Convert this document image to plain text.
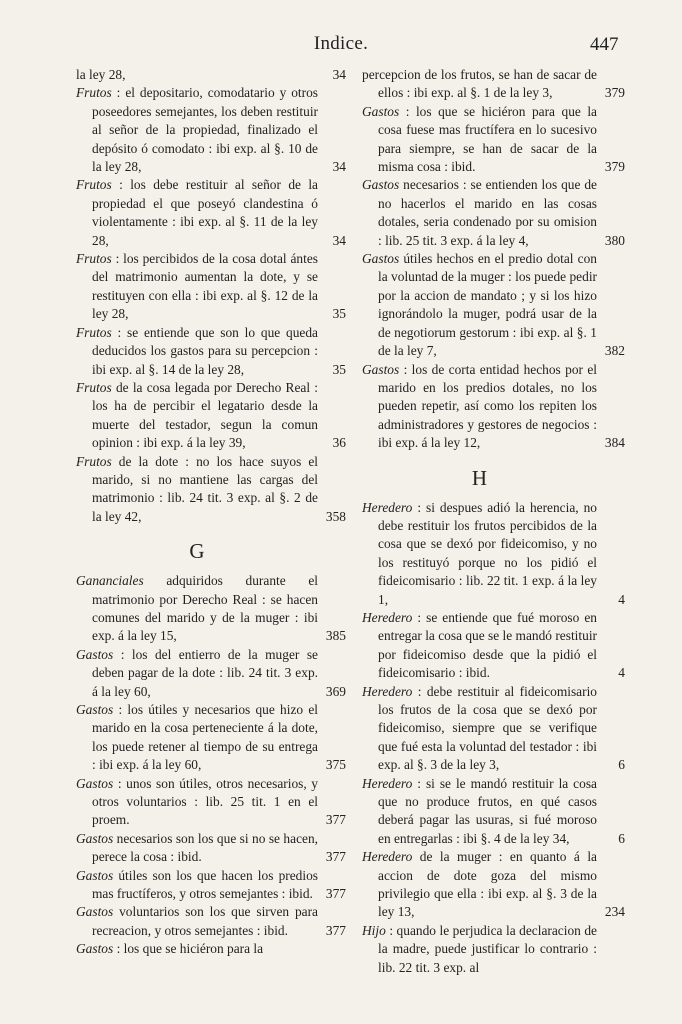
Indice.	447
la ley 28,	34
Frutos : el depositario, comodatario y otros poseedores semejantes, los deben restituir al señor de la propiedad, finalizado el depósito ó comodato : ibi exp. al §. 10 de la ley 28,	34
Frutos : los debe restituir al señor de la propiedad el que poseyó clandestina ó violentamente : ibi exp. al §. 11 de la ley 28,	34
Frutos : los percibidos de la cosa dotal ántes del matrimonio aumentan la dote, y se restituyen con ella : ibi exp. al §. 12 de la ley 28,	35
Frutos : se entiende que son lo que queda deducidos los gastos para su percepcion : ibi exp. al §. 14 de la ley 28,	35
Frutos de la cosa legada por Derecho Real : los ha de percibir el legatario desde la muerte del testador, segun la comun opinion : ibi exp. á la ley 39,	36
Frutos de la dote : no los hace suyos el marido, si no mantiene las cargas del matrimonio : lib. 24 tit. 3 exp. al §. 2 de la ley 42,	358
G
Gananciales adquiridos durante el matrimonio por Derecho Real : se hacen comunes del marido y de la muger : ibi exp. á la ley 15,	385
Gastos : los del entierro de la muger se deben pagar de la dote : lib. 24 tit. 3 exp. á la ley 60,	369
Gastos : los útiles y necesarios que hizo el marido en la cosa perteneciente á la dote, los puede retener al tiempo de su entrega : ibi exp. á la ley 60,	375
Gastos : unos son útiles, otros necesarios, y otros voluntarios : lib. 25 tit. 1 en el proem.	377
Gastos necesarios son los que si no se hacen, perece la cosa : ibid.	377
Gastos útiles son los que hacen los predios mas fructíferos, y otros semejantes : ibid. 377
Gastos voluntarios son los que sirven para recreacion, y otros semejantes : ibid.	377
Gastos : los que se hiciéron para la
percepcion de los frutos, se han de sacar de ellos : ibi exp. al §. 1 de la ley 3,	379
Gastos : los que se hiciéron para que la cosa fuese mas fructífera en lo sucesivo para siempre, se han de sacar de la misma cosa : ibid.	379
Gastos necesarios : se entienden los que de no hacerlos el marido en las cosas dotales, seria condenado por su omision : lib. 25 tit. 3 exp. á la ley 4,	380
Gastos útiles hechos en el predio dotal con la voluntad de la muger : los puede pedir por la accion de mandato ; y si los hizo ignorándolo la muger, podrá usar de la de negotiorum gestorum : ibi exp. al §. 1 de la ley 7,	382
Gastos : los de corta entidad hechos por el marido en los predios dotales, no los pueden repetir, así como los repiten los administradores y gestores de negocios : ibi exp. á la ley 12,	384
H
Heredero : si despues adió la herencia, no debe restituir los frutos percibidos de la cosa que se dexó por fideicomiso, y no los restituyó porque no los pidió el fideicomisario : lib. 22 tit. 1 exp. á la ley 1,	4
Heredero : se entiende que fué moroso en entregar la cosa que se le mandó restituir por fideicomiso desde que la pidió el fideicomisario : ibid.	4
Heredero : debe restituir al fideicomisario los frutos de la cosa que se dexó por fideicomiso, siempre que se verifique que fué esta la voluntad del testador : ibi exp. al §. 3 de la ley 3,	6
Heredero : si se le mandó restituir la cosa que no produce frutos, en qué casos deberá pagar las usuras, si fué moroso en entregarlas : ibi §. 4 de la ley 34,	6
Heredero de la muger : en quanto á la accion de dote goza del mismo privilegio que ella : ibi exp. al §. 3 de la ley 13,	234
Hijo : quando le perjudica la declaracion de la madre, puede justificar lo contrario : lib. 22 tit. 3 exp. al
